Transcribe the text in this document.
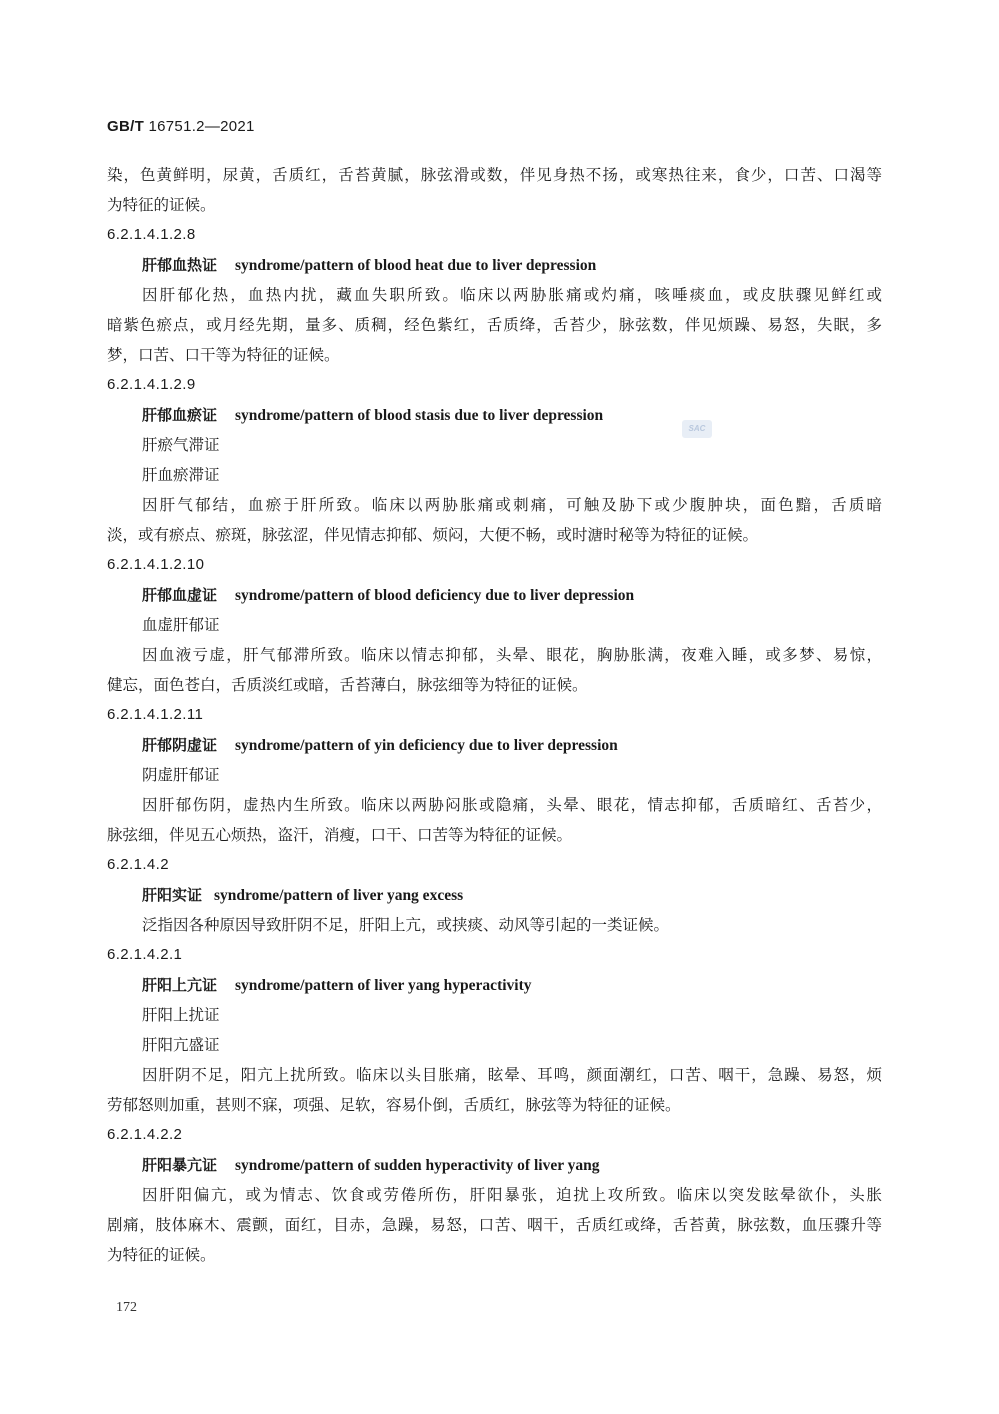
GB/T 16751.2—2021
SAC
染，色黄鲜明，尿黄，舌质红，舌苔黄腻，脉弦滑或数，伴见身热不扬，或寒热往来，食少，口苦、口渴等
为特征的证候。
6.2.1.4.1.2.8
肝郁血热证 syndrome/pattern of blood heat due to liver depression
因肝郁化热，血热内扰，藏血失职所致。临床以两胁胀痛或灼痛，咳唾痰血，或皮肤骤见鲜红或
暗紫色瘀点，或月经先期，量多、质稠，经色紫红，舌质绛，舌苔少，脉弦数，伴见烦躁、易怒，失眠，多
梦，口苦、口干等为特征的证候。
6.2.1.4.1.2.9
肝郁血瘀证 syndrome/pattern of blood stasis due to liver depression
肝瘀气滞证
肝血瘀滞证
因肝气郁结，血瘀于肝所致。临床以两胁胀痛或刺痛，可触及胁下或少腹肿块，面色黯，舌质暗
淡，或有瘀点、瘀斑，脉弦涩，伴见情志抑郁、烦闷，大便不畅，或时溏时秘等为特征的证候。
6.2.1.4.1.2.10
肝郁血虚证 syndrome/pattern of blood deficiency due to liver depression
血虚肝郁证
因血液亏虚，肝气郁滞所致。临床以情志抑郁，头晕、眼花，胸胁胀满，夜难入睡，或多梦、易惊，
健忘，面色苍白，舌质淡红或暗，舌苔薄白，脉弦细等为特征的证候。
6.2.1.4.1.2.11
肝郁阴虚证 syndrome/pattern of yin deficiency due to liver depression
阴虚肝郁证
因肝郁伤阴，虚热内生所致。临床以两胁闷胀或隐痛，头晕、眼花，情志抑郁，舌质暗红、舌苔少，
脉弦细，伴见五心烦热，盗汗，消瘦，口干、口苦等为特征的证候。
6.2.1.4.2
肝阳实证 syndrome/pattern of liver yang excess
泛指因各种原因导致肝阴不足，肝阳上亢，或挟痰、动风等引起的一类证候。
6.2.1.4.2.1
肝阳上亢证 syndrome/pattern of liver yang hyperactivity
肝阳上扰证
肝阳亢盛证
因肝阴不足，阳亢上扰所致。临床以头目胀痛，眩晕、耳鸣，颜面潮红，口苦、咽干，急躁、易怒，烦
劳郁怒则加重，甚则不寐，项强、足软，容易仆倒，舌质红，脉弦等为特征的证候。
6.2.1.4.2.2
肝阳暴亢证 syndrome/pattern of sudden hyperactivity of liver yang
因肝阳偏亢，或为情志、饮食或劳倦所伤，肝阳暴张，迫扰上攻所致。临床以突发眩晕欲仆，头胀
剧痛，肢体麻木、震颤，面红，目赤，急躁，易怒，口苦、咽干，舌质红或绛，舌苔黄，脉弦数，血压骤升等
为特征的证候。
172
